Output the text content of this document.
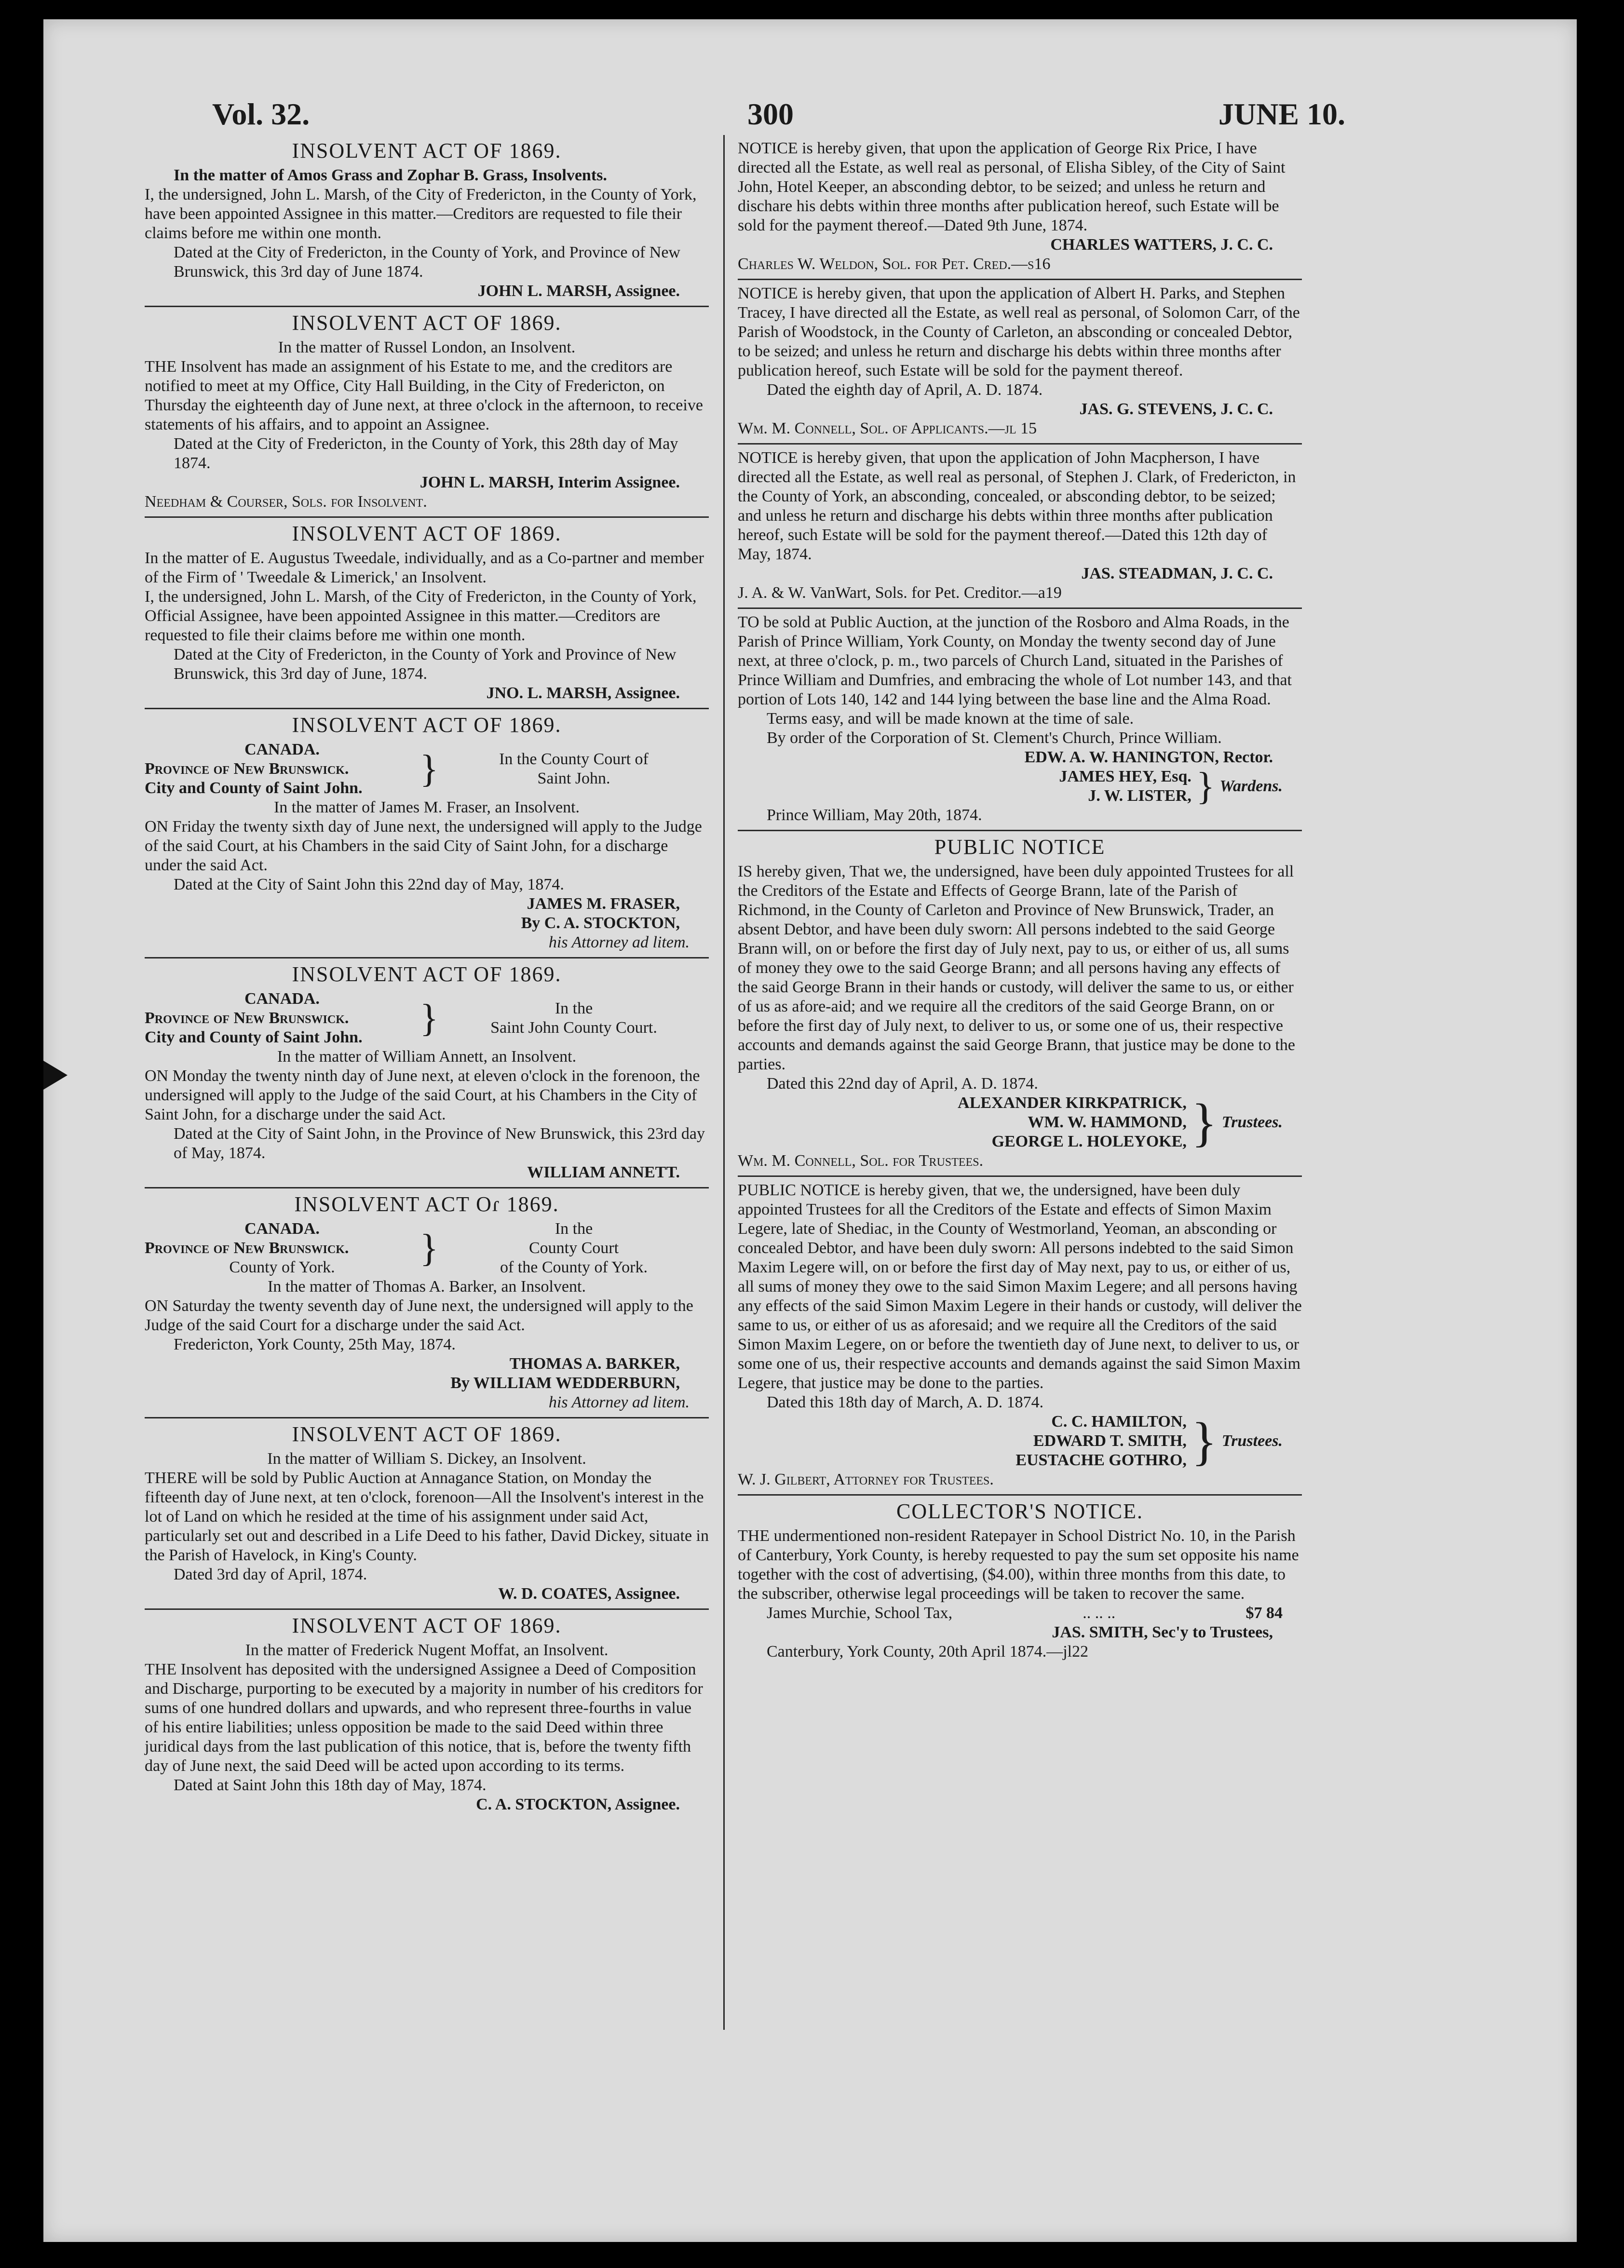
Vol. 32.	300	JUNE 10.
INSOLVENT ACT OF 1869.

In the matter of Amos Grass and Zophar B. Grass, Insolvents.

I, the undersigned, John L. Marsh, of the City of Fredericton, in the County of York, have been appointed Assignee in this matter.—Creditors are requested to file their claims before me within one month.

Dated at the City of Fredericton, in the County of York, and Province of New Brunswick, this 3rd day of June 1874.

JOHN L. MARSH, Assignee.

INSOLVENT ACT OF 1869.

In the matter of Russel London, an Insolvent.

THE Insolvent has made an assignment of his Estate to me, and the creditors are notified to meet at my Office, City Hall Building, in the City of Fredericton, on Thursday the eighteenth day of June next, at three o'clock in the afternoon, to receive statements of his affairs, and to appoint an Assignee.

Dated at the City of Fredericton, in the County of York, this 28th day of May 1874.

JOHN L. MARSH, Interim Assignee.

Needham & Courser, Sols. for Insolvent.

INSOLVENT ACT OF 1869.

In the matter of E. Augustus Tweedale, individually, and as a Co-partner and member of the Firm of ' Tweedale & Limerick,' an Insolvent.

I, the undersigned, John L. Marsh, of the City of Fredericton, in the County of York, Official Assignee, have been appointed Assignee in this matter.—Creditors are requested to file their claims before me within one month.

Dated at the City of Fredericton, in the County of York and Province of New Brunswick, this 3rd day of June, 1874.

JNO. L. MARSH, Assignee.

INSOLVENT ACT OF 1869.
CANADA.
Province of New Brunswick.
City and County of Saint John.	}	In the County Court of
Saint John.

In the matter of James M. Fraser, an Insolvent.

ON Friday the twenty sixth day of June next, the undersigned will apply to the Judge of the said Court, at his Chambers in the said City of Saint John, for a discharge under the said Act.

Dated at the City of Saint John this 22nd day of May, 1874.

JAMES M. FRASER,

By C. A. STOCKTON,

his Attorney ad litem.

INSOLVENT ACT OF 1869.
CANADA.
Province of New Brunswick.
City and County of Saint John.	}	In the
Saint John County Court.

In the matter of William Annett, an Insolvent.

ON Monday the twenty ninth day of June next, at eleven o'clock in the forenoon, the undersigned will apply to the Judge of the said Court, at his Chambers in the City of Saint John, for a discharge under the said Act.

Dated at the City of Saint John, in the Province of New Brunswick, this 23rd day of May, 1874.

WILLIAM ANNETT.

INSOLVENT ACT Oɾ 1869.
CANADA.
Province of New Brunswick.
County of York.	}	In the
County Court
of the County of York.

In the matter of Thomas A. Barker, an Insolvent.

ON Saturday the twenty seventh day of June next, the undersigned will apply to the Judge of the said Court for a discharge under the said Act.

Fredericton, York County, 25th May, 1874.

THOMAS A. BARKER,

By WILLIAM WEDDERBURN,

his Attorney ad litem.

INSOLVENT ACT OF 1869.

In the matter of William S. Dickey, an Insolvent.

THERE will be sold by Public Auction at Annagance Station, on Monday the fifteenth day of June next, at ten o'clock, forenoon—All the Insolvent's interest in the lot of Land on which he resided at the time of his assignment under said Act, particularly set out and described in a Life Deed to his father, David Dickey, situate in the Parish of Havelock, in King's County.

Dated 3rd day of April, 1874.

W. D. COATES, Assignee.

INSOLVENT ACT OF 1869.

In the matter of Frederick Nugent Moffat, an Insolvent.

THE Insolvent has deposited with the undersigned Assignee a Deed of Composition and Discharge, purporting to be executed by a majority in number of his creditors for sums of one hundred dollars and upwards, and who represent three-fourths in value of his entire liabilities; unless opposition be made to the said Deed within three juridical days from the last publication of this notice, that is, before the twenty fifth day of June next, the said Deed will be acted upon according to its terms.

Dated at Saint John this 18th day of May, 1874.

C. A. STOCKTON, Assignee.

NOTICE is hereby given, that upon the application of George Rix Price, I have directed all the Estate, as well real as personal, of Elisha Sibley, of the City of Saint John, Hotel Keeper, an absconding debtor, to be seized; and unless he return and dischare his debts within three months after publication hereof, such Estate will be sold for the payment thereof.—Dated 9th June, 1874.

CHARLES WATTERS, J. C. C.

Charles W. Weldon, Sol. for Pet. Cred.—s16

NOTICE is hereby given, that upon the application of Albert H. Parks, and Stephen Tracey, I have directed all the Estate, as well real as personal, of Solomon Carr, of the Parish of Woodstock, in the County of Carleton, an absconding or concealed Debtor, to be seized; and unless he return and discharge his debts within three months after publication hereof, such Estate will be sold for the payment thereof.

Dated the eighth day of April, A. D. 1874.

JAS. G. STEVENS, J. C. C.

Wm. M. Connell, Sol. of Applicants.—jl 15

NOTICE is hereby given, that upon the application of John Macpherson, I have directed all the Estate, as well real as personal, of Stephen J. Clark, of Fredericton, in the County of York, an absconding, concealed, or absconding debtor, to be seized; and unless he return and discharge his debts within three months after publication hereof, such Estate will be sold for the payment thereof.—Dated this 12th day of May, 1874.

JAS. STEADMAN, J. C. C.

J. A. & W. VanWart, Sols. for Pet. Creditor.—a19

TO be sold at Public Auction, at the junction of the Rosboro and Alma Roads, in the Parish of Prince William, York County, on Monday the twenty second day of June next, at three o'clock, p. m., two parcels of Church Land, situated in the Parishes of Prince William and Dumfries, and embracing the whole of Lot number 143, and that portion of Lots 140, 142 and 144 lying between the base line and the Alma Road.

Terms easy, and will be made known at the time of sale.

By order of the Corporation of St. Clement's Church, Prince William.

EDW. A. W. HANINGTON, Rector.

JAMES HEY, Esq.
J. W. LISTER, } Wardens.

Prince William, May 20th, 1874.

PUBLIC NOTICE

IS hereby given, That we, the undersigned, have been duly appointed Trustees for all the Creditors of the Estate and Effects of George Brann, late of the Parish of Richmond, in the County of Carleton and Province of New Brunswick, Trader, an absent Debtor, and have been duly sworn: All persons indebted to the said George Brann will, on or before the first day of July next, pay to us, or either of us, all sums of money they owe to the said George Brann; and all persons having any effects of the said George Brann in their hands or custody, will deliver the same to us, or either of us as afore-aid; and we require all the creditors of the said George Brann, on or before the first day of July next, to deliver to us, or some one of us, their respective accounts and demands against the said George Brann, that justice may be done to the parties.

Dated this 22nd day of April, A. D. 1874.

ALEXANDER KIRKPATRICK,
WM. W. HAMMOND,
GEORGE L. HOLEYOKE, } Trustees.

Wm. M. Connell, Sol. for Trustees.

PUBLIC NOTICE is hereby given, that we, the undersigned, have been duly appointed Trustees for all the Creditors of the Estate and effects of Simon Maxim Legere, late of Shediac, in the County of Westmorland, Yeoman, an absconding or concealed Debtor, and have been duly sworn: All persons indebted to the said Simon Maxim Legere will, on or before the first day of May next, pay to us, or either of us, all sums of money they owe to the said Simon Maxim Legere; and all persons having any effects of the said Simon Maxim Legere in their hands or custody, will deliver the same to us, or either of us as aforesaid; and we require all the Creditors of the said Simon Maxim Legere, on or before the twentieth day of June next, to deliver to us, or some one of us, their respective accounts and demands against the said Simon Maxim Legere, that justice may be done to the parties.

Dated this 18th day of March, A. D. 1874.

C. C. HAMILTON,
EDWARD T. SMITH,
EUSTACHE GOTHRO, } Trustees.

W. J. Gilbert, Attorney for Trustees.

COLLECTOR'S NOTICE.

THE undermentioned non-resident Ratepayer in School District No. 10, in the Parish of Canterbury, York County, is hereby requested to pay the sum set opposite his name together with the cost of advertising, ($4.00), within three months from this date, to the subscriber, otherwise legal proceedings will be taken to recover the same.

James Murchie, School Tax,	.. .. ..	$7 84

JAS. SMITH, Sec'y to Trustees,

Canterbury, York County, 20th April 1874.—jl22
